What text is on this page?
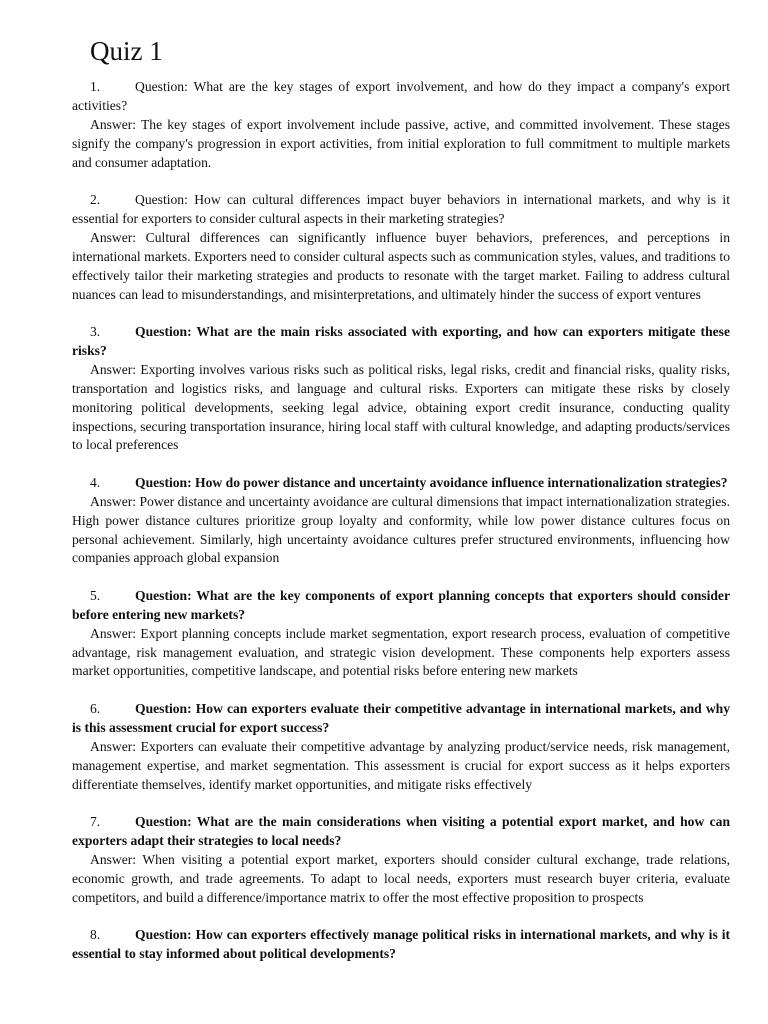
Quiz 1

1.	Question: What are the key stages of export involvement, and how do they impact a company's export activities?

Answer: The key stages of export involvement include passive, active, and committed involvement. These stages signify the company's progression in export activities, from initial exploration to full commitment to multiple markets and consumer adaptation.

2.	Question: How can cultural differences impact buyer behaviors in international markets, and why is it essential for exporters to consider cultural aspects in their marketing strategies?

Answer: Cultural differences can significantly influence buyer behaviors, preferences, and perceptions in international markets. Exporters need to consider cultural aspects such as communication styles, values, and traditions to effectively tailor their marketing strategies and products to resonate with the target market. Failing to address cultural nuances can lead to misunderstandings, and misinterpretations, and ultimately hinder the success of export ventures

3.	Question: What are the main risks associated with exporting, and how can exporters mitigate these risks?

Answer: Exporting involves various risks such as political risks, legal risks, credit and financial risks, quality risks, transportation and logistics risks, and language and cultural risks. Exporters can mitigate these risks by closely monitoring political developments, seeking legal advice, obtaining export credit insurance, conducting quality inspections, securing transportation insurance, hiring local staff with cultural knowledge, and adapting products/services to local preferences

4.	Question: How do power distance and uncertainty avoidance influence internationalization strategies?

Answer: Power distance and uncertainty avoidance are cultural dimensions that impact internationalization strategies. High power distance cultures prioritize group loyalty and conformity, while low power distance cultures focus on personal achievement. Similarly, high uncertainty avoidance cultures prefer structured environments, influencing how companies approach global expansion

5.	Question: What are the key components of export planning concepts that exporters should consider before entering new markets?

Answer: Export planning concepts include market segmentation, export research process, evaluation of competitive advantage, risk management evaluation, and strategic vision development. These components help exporters assess market opportunities, competitive landscape, and potential risks before entering new markets

6.	Question: How can exporters evaluate their competitive advantage in international markets, and why is this assessment crucial for export success?

Answer: Exporters can evaluate their competitive advantage by analyzing product/service needs, risk management, management expertise, and market segmentation. This assessment is crucial for export success as it helps exporters differentiate themselves, identify market opportunities, and mitigate risks effectively

7.	Question: What are the main considerations when visiting a potential export market, and how can exporters adapt their strategies to local needs?

Answer: When visiting a potential export market, exporters should consider cultural exchange, trade relations, economic growth, and trade agreements. To adapt to local needs, exporters must research buyer criteria, evaluate competitors, and build a difference/importance matrix to offer the most effective proposition to prospects

8.	Question: How can exporters effectively manage political risks in international markets, and why is it essential to stay informed about political developments?
